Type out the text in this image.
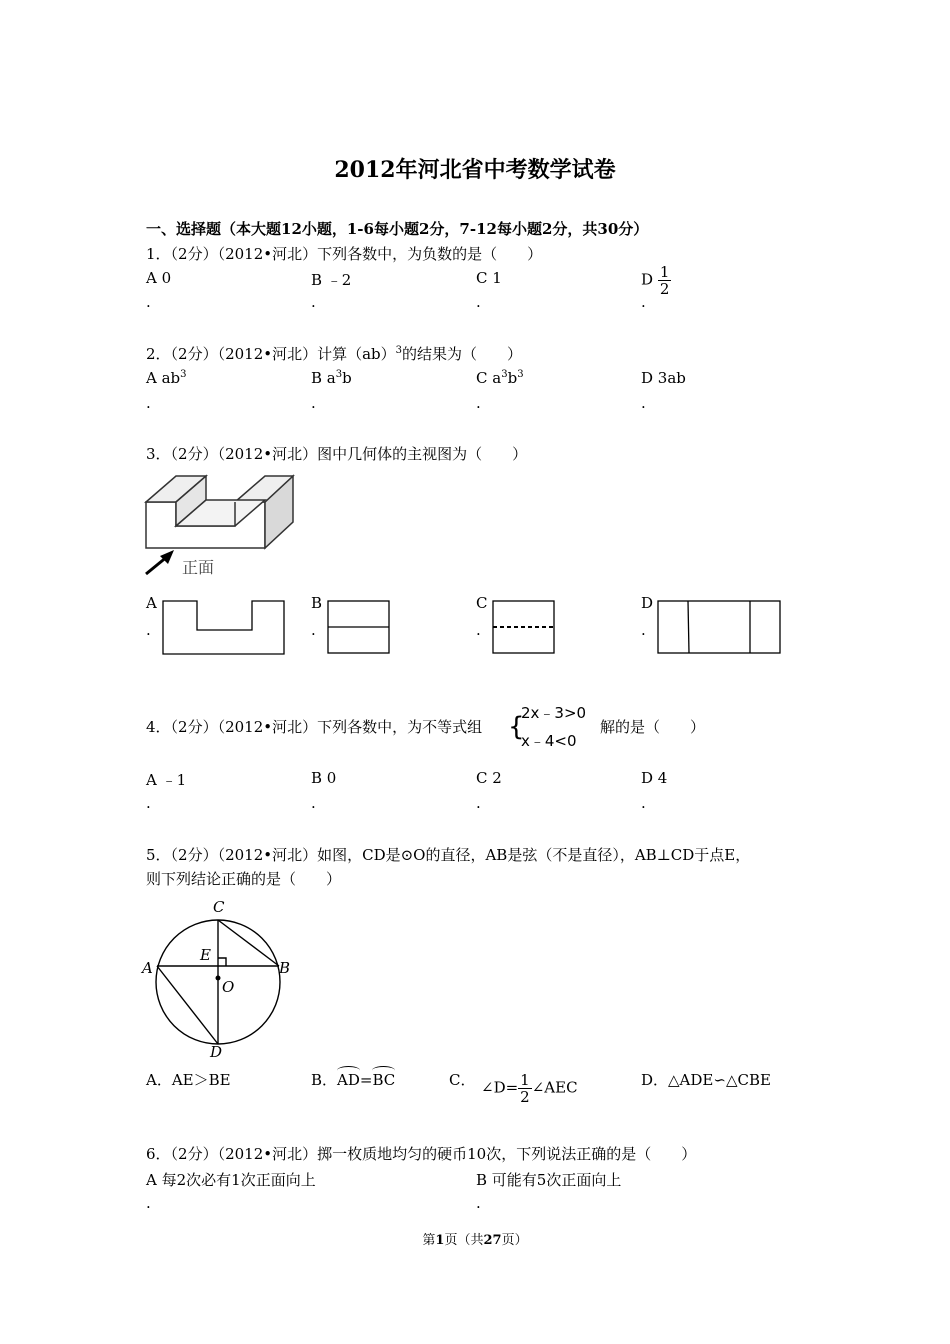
2012年河北省中考数学试卷
一、选择题（本大题12小题，1-6每小题2分，7-12每小题2分，共30分）
1．（2分）（2012•河北）下列各数中，为负数的是（　　）
A 0	B ﹣2	C 1	D $\frac{1}{2}$
.	.	.	.
2．（2分）（2012•河北）计算（ab）$^3$的结果为（　　）
A $ab^3$	B $a^3b$	C $a^3b^3$	D 3ab
.	.	.	.
3．（2分）（2012•河北）图中几何体的主视图为（　　）
正面
A
.
B
.
C
.
D
.
4．（2分）（2012•河北）下列各数中，为不等式组 {
2x﹣3>0
x﹣4<0
解的是（　　）
A ﹣1	B 0	C 2	D 4
.	.	.	.
5．（2分）（2012•河北）如图，CD是⊙O的直径，AB是弦（不是直径），AB⊥CD于点E，
则下列结论正确的是（　　）
C
E
A	B
O
D
A．AE＞BE	B．AD=BC	C． ∠D= $\frac{1}{2}$ ∠AEC	D．△ADE∽△CBE
6．（2分）（2012•河北）掷一枚质地均匀的硬币10次，下列说法正确的是（　　）
A 每2次必有1次正面向上	B 可能有5次正面向上
.	.
第1页（共27页）
